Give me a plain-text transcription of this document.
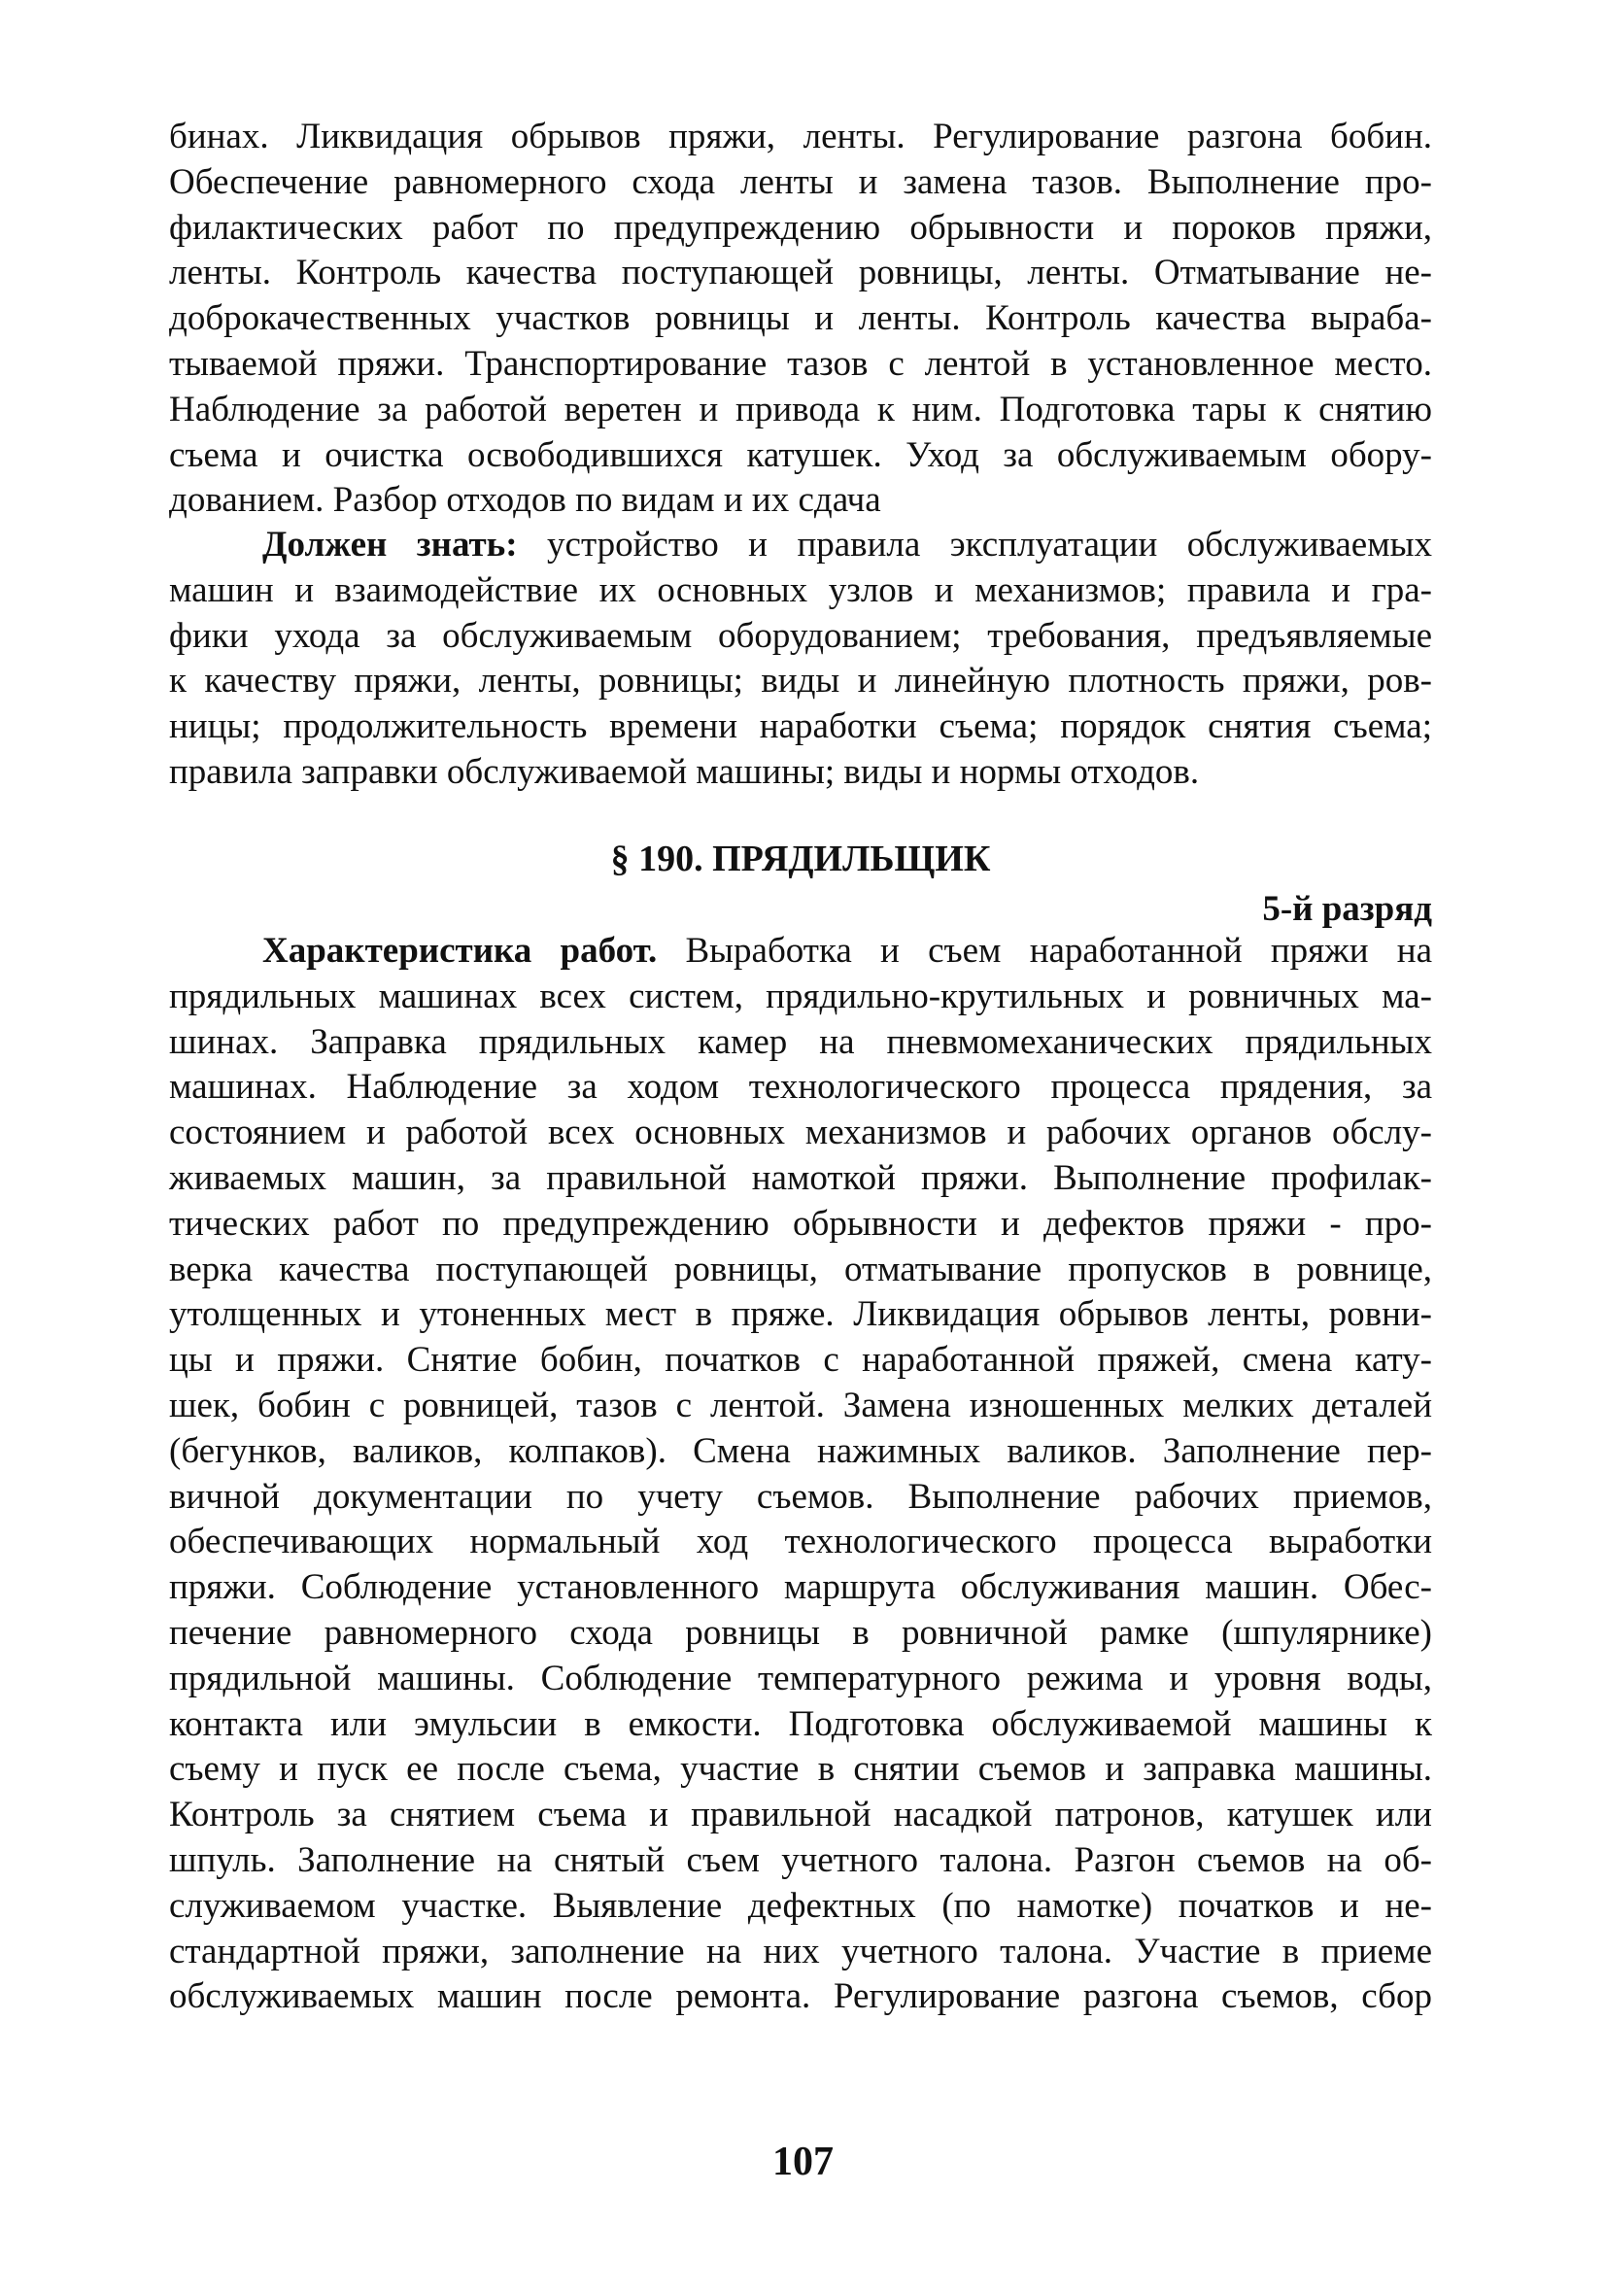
бинах. Ликвидация обрывов пряжи, ленты. Регулирование разгона бобин.
Обеспечение равномерного схода ленты и замена тазов. Выполнение про-
филактических работ по предупреждению обрывности и пороков пряжи,
ленты. Контроль качества поступающей ровницы, ленты. Отматывание не-
доброкачественных участков ровницы и ленты. Контроль качества выраба-
тываемой пряжи. Транспортирование тазов с лентой в установленное место.
Наблюдение за работой веретен и привода к ним. Подготовка тары к снятию
съема и очистка освободившихся катушек. Уход за обслуживаемым обору-
дованием. Разбор отходов по видам и их сдача
Должен знать: устройство и правила эксплуатации обслуживаемых
машин и взаимодействие их основных узлов и механизмов; правила и гра-
фики ухода за обслуживаемым оборудованием; требования, предъявляемые
к качеству пряжи, ленты, ровницы; виды и линейную плотность пряжи, ров-
ницы; продолжительность времени наработки съема; порядок снятия съема;
правила заправки обслуживаемой машины; виды и нормы отходов.
§ 190. ПРЯДИЛЬЩИК
5-й разряд
Характеристика работ. Выработка и съем наработанной пряжи на
прядильных машинах всех систем, прядильно-крутильных и ровничных ма-
шинах. Заправка прядильных камер на пневмомеханических прядильных
машинах. Наблюдение за ходом технологического процесса прядения, за
состоянием и работой всех основных механизмов и рабочих органов обслу-
живаемых машин, за правильной намоткой пряжи. Выполнение профилак-
тических работ по предупреждению обрывности и дефектов пряжи - про-
верка качества поступающей ровницы, отматывание пропусков в ровнице,
утолщенных и утоненных мест в пряже. Ликвидация обрывов ленты, ровни-
цы и пряжи. Снятие бобин, початков с наработанной пряжей, смена кату-
шек, бобин с ровницей, тазов с лентой. Замена изношенных мелких деталей
(бегунков, валиков, колпаков). Смена нажимных валиков. Заполнение пер-
вичной документации по учету съемов. Выполнение рабочих приемов,
обеспечивающих нормальный ход технологического процесса выработки
пряжи. Соблюдение установленного маршрута обслуживания машин. Обес-
печение равномерного схода ровницы в ровничной рамке (шпулярнике)
прядильной машины. Соблюдение температурного режима и уровня воды,
контакта или эмульсии в емкости. Подготовка обслуживаемой машины к
съему и пуск ее после съема, участие в снятии съемов и заправка машины.
Контроль за снятием съема и правильной насадкой патронов, катушек или
шпуль. Заполнение на снятый съем учетного талона. Разгон съемов на об-
служиваемом участке. Выявление дефектных (по намотке) початков и не-
стандартной пряжи, заполнение на них учетного талона. Участие в приеме
обслуживаемых машин после ремонта. Регулирование разгона съемов, сбор
107
